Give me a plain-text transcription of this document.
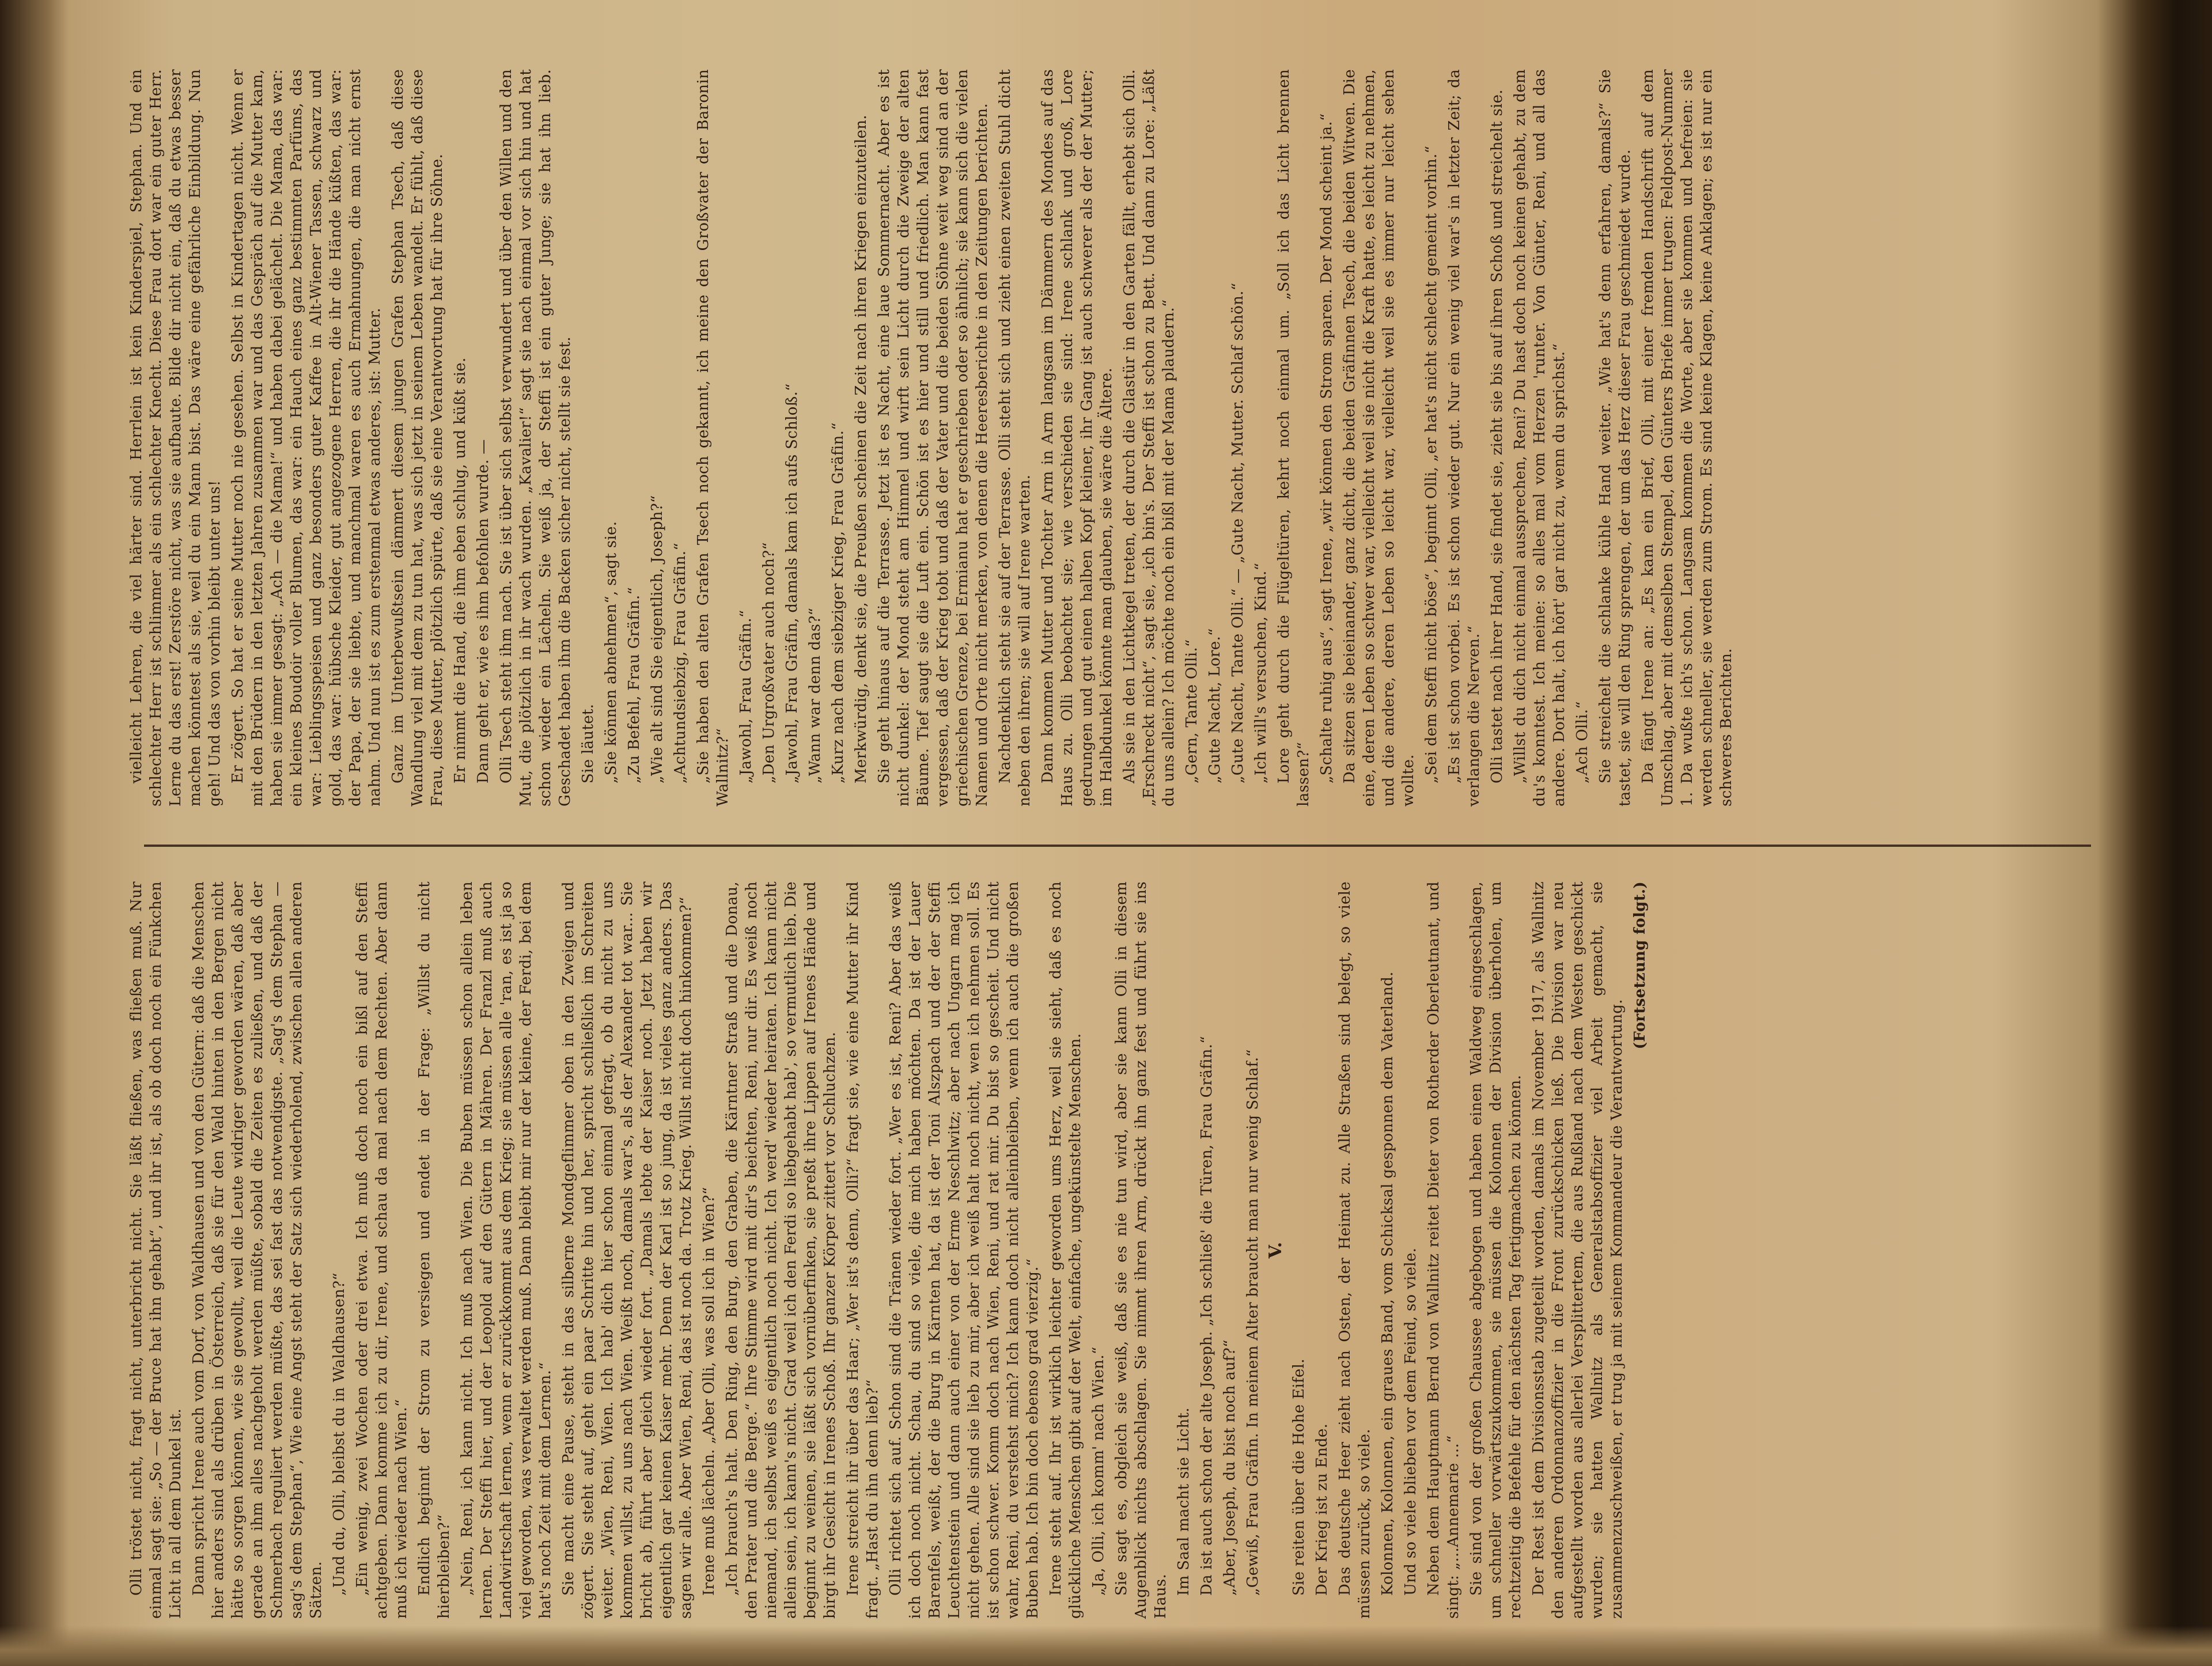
Olli tröstet nicht, fragt nicht, unterbricht nicht. Sie läßt fließen, was fließen muß. Nur einmal sagt sie: „So — der Bruce hat ihn gehabt“, und ihr ist, als ob doch noch ein Fünkchen Licht in all dem Dunkel ist. Dann spricht Irene auch vom Dorf, von Waldhausen und von den Gütern: daß die Menschen hier anders sind als drüben in Österreich, daß sie für den Wald hinten in den Bergen nicht hätte so sorgen können, wie sie gewollt, weil die Leute widriger geworden wären, daß aber gerade an ihm alles nachgeholt werden müßte, sobald die Zeiten es zuließen, und daß der Schmerbach reguliert werden müßte, das sei fast das notwendigste. „Sag's dem Stephan — sag's dem Stephan“, Wie eine Angst steht der Satz sich wiederholend, zwischen allen anderen Sätzen. „Und du, Olli, bleibst du in Waldhausen?“ „Ein wenig, zwei Wochen oder drei etwa. Ich muß doch noch ein bißl auf den Steffi achtgeben. Dann komme ich zu dir, Irene, und schau da mal nach dem Rechten. Aber dann muß ich wieder nach Wien.“ Endlich beginnt der Strom zu versiegen und endet in der Frage: „Willst du nicht hierbleiben?“ „Nein, Reni, ich kann nicht. Ich muß nach Wien. Die Buben müssen schon allein leben lernen. Der Steffi hier, und der Leopold auf den Gütern in Mähren. Der Franzl muß auch Landwirtschaft lernen, wenn er zurückkommt aus dem Krieg; sie müssen alle 'ran, es ist ja so viel geworden, was verwaltet werden muß. Dann bleibt mir nur der kleine, der Ferdi, bei dem hat's noch Zeit mit dem Lernen.“ Sie macht eine Pause, steht in das silberne Mondgeflimmer oben in den Zweigen und zögert. Sie steht auf, geht ein paar Schritte hin und her, spricht schließlich im Schreiten weiter. „Wien, Reni, Wien. Ich hab' dich hier schon einmal gefragt, ob du nicht zu uns kommen willst, zu uns nach Wien. Weißt noch, damals war's, als der Alexander tot war... Sie bricht ab, führt aber gleich wieder fort. „Damals lebte der Kaiser noch. Jetzt haben wir eigentlich gar keinen Kaiser mehr. Denn der Karl ist so jung, da ist vieles ganz anders. Das sagen wir alle. Aber Wien, Reni, das ist noch da. Trotz Krieg. Willst nicht doch hinkommen?“ Irene muß lächeln. „Aber Olli, was soll ich in Wien?“ „Ich brauch's halt. Den Ring, den Burg, den Graben, die Kärntner Straß und die Donau, den Prater und die Berge.“ Ihre Stimme wird mit dir's beichten, Reni, nur dir. Es weiß noch niemand, ich selbst weiß es eigentlich noch nicht. Ich werd' wieder heiraten. Ich kann nicht allein sein, ich kann's nicht. Grad weil ich den Ferdi so liebgehabt hab', so vermutlich lieb. Die beginnt zu weinen, sie läßt sich vornüberfinken, sie preßt ihre Lippen auf Irenes Hände und birgt ihr Gesicht in Irenes Schoß. Ihr ganzer Körper zittert vor Schluchzen. Irene streicht ihr über das Haar; „Wer ist's denn, Olli?“ fragt sie, wie eine Mutter ihr Kind fragt. „Hast du ihn denn lieb?“ Olli richtet sich auf. Schon sind die Tränen wieder fort. „Wer es ist, Reni? Aber das weiß ich doch noch nicht. Schau, du sind so viele, die mich haben möchten. Da ist der Lauer Barenfels, weißt, der die Burg in Kärnten hat, da ist der Toni Alszpach und der der Steffi Leuchtenstein und dann auch einer von der Erme Neschlwitz; aber nach Ungarn mag ich nicht gehen. Alle sind sie lieb zu mir, aber ich weiß halt noch nicht, wen ich nehmen soll. Es ist schon schwer. Komm doch nach Wien, Reni, und rat mir. Du bist so gescheit. Und nicht wahr, Reni, du verstehst mich? Ich kann doch nicht alleinbleiben, wenn ich auch die großen Buben hab. Ich bin doch ebenso grad vierzig.“ Irene steht auf. Ihr ist wirklich leichter geworden ums Herz, weil sie sieht, daß es noch glückliche Menschen gibt auf der Welt, einfache, ungekünstelte Menschen. „Ja, Olli, ich komm' nach Wien.“ Sie sagt es, obgleich sie weiß, daß sie es nie tun wird, aber sie kann Olli in diesem Augenblick nichts abschlagen. Sie nimmt ihren Arm, drückt ihn ganz fest und führt sie ins Haus.

Im Saal macht sie Licht. Da ist auch schon der alte Joseph. „Ich schließ' die Türen, Frau Gräfin.“ „Aber, Joseph, du bist noch auf?“ „Gewiß, Frau Gräfin. In meinem Alter braucht man nur wenig Schlaf.“ V.

Sie reiten über die Hohe Eifel. Der Krieg ist zu Ende. Das deutsche Heer zieht nach Osten, der Heimat zu. Alle Straßen sind belegt, so viele müssen zurück, so viele. Kolonnen, Kolonnen, ein graues Band, vom Schicksal gesponnen dem Vaterland. Und so viele blieben vor dem Feind, so viele. Neben dem Hauptmann Bernd von Wallnitz reitet Dieter von Rotherder Oberleutnant, und singt: „...Annemarie ...“ Sie sind von der großen Chaussee abgebogen und haben einen Waldweg eingeschlagen, um schneller vorwärtszukommen, sie müssen die Kolonnen der Division überholen, um rechtzeitig die Befehle für den nächsten Tag fertigmachen zu können. Der Rest ist dem Divisionsstab zugeteilt worden, damals im November 1917, als Wallnitz den anderen Ordonnanzoffizier in die Front zurückschicken ließ. Die Division war neu aufgestellt worden aus allerlei Versplittertem, die aus Rußland nach dem Westen geschickt wurden; sie hatten Wallnitz als Generalstabsoffizier viel Arbeit gemacht, sie zusammenzuschweißen, er trug ja mit seinem Kommandeur die Verantwortung.

(Fortsetzung folgt.)

vielleicht Lehren, die viel härter sind. Herrlein ist kein Kinderspiel, Stephan. Und ein schlechter Herr ist schlimmer als ein schlechter Knecht. Diese Frau dort war ein guter Herr. Lerne du das erst! Zerstöre nicht, was sie aufbaute. Bilde dir nicht ein, daß du etwas besser machen könntest als sie, weil du ein Mann bist. Das wäre eine gefährliche Einbildung. Nun geh! Und das von vorhin bleibt unter uns! Er zögert. So hat er seine Mutter noch nie gesehen. Selbst in Kindertagen nicht. Wenn er mit den Brüdern in den letzten Jahren zusammen war und das Gespräch auf die Mutter kam, haben sie immer gesagt: „Ach — die Mama!“ und haben dabei gelächelt. Die Mama, das war: ein kleines Boudoir voller Blumen, das war: ein Hauch eines ganz bestimmten Parfüms, das war: Lieblingsspeisen und ganz besonders guter Kaffee in Alt-Wiener Tassen, schwarz und gold, das war: hübsche Kleider, gut angezogene Herren, die ihr die Hände küßten, das war: der Papa, der sie liebte, und manchmal waren es auch Ermahnungen, die man nicht ernst nahm. Und nun ist es zum erstenmal etwas anderes, ist: Mutter. Ganz im Unterbewußtsein dämmert diesem jungen Grafen Stephan Tsech, daß diese Wandlung viel mit dem zu tun hat, was sich jetzt in seinem Leben wandelt. Er fühlt, daß diese Frau, diese Mutter, plötzlich spürte, daß sie eine Verantwortung hat für ihre Söhne. Er nimmt die Hand, die ihm eben schlug, und küßt sie. Dann geht er, wie es ihm befohlen wurde. — Olli Tsech steht ihm nach. Sie ist über sich selbst verwundert und über den Willen und den Mut, die plötzlich in ihr wach wurden. „Kavalier!“ sagt sie nach einmal vor sich hin und hat schon wieder ein Lächeln. Sie weiß ja, der Steffi ist ein guter Junge; sie hat ihn lieb. Geschadet haben ihm die Backen sicher nicht, stellt sie fest. Sie läutet. „Sie können abnehmen“, sagt sie. „Zu Befehl, Frau Gräfin.“ „Wie alt sind Sie eigentlich, Joseph?“ „Achtundsiebzig, Frau Gräfin.“ „Sie haben den alten Grafen Tsech noch gekannt, ich meine den Großvater der Baronin Wallnitz?“ „Jawohl, Frau Gräfin.“ „Den Urgroßvater auch noch?“ „Jawohl, Frau Gräfin, damals kam ich aufs Schloß.“ „Wann war denn das?“ „Kurz nach dem siebziger Krieg, Frau Gräfin.“ Merkwürdig, denkt sie, die Preußen scheinen die Zeit nach ihren Kriegen einzuteilen. Sie geht hinaus auf die Terrasse. Jetzt ist es Nacht, eine laue Sommernacht. Aber es ist nicht dunkel: der Mond steht am Himmel und wirft sein Licht durch die Zweige der alten Bäume. Tief saugt sie die Luft ein. Schön ist es hier und still und friedlich. Man kann fast vergessen, daß der Krieg tobt und daß der Vater und die beiden Söhne weit weg sind an der griechischen Grenze, bei Ermianu hat er geschrieben oder so ähnlich; sie kann sich die vielen Namen und Orte nicht merken, von denen die Heeresberichte in den Zeitungen berichten. Nachdenklich steht sie auf der Terrasse. Olli steht sich und zieht einen zweiten Stuhl dicht neben den ihren; sie will auf Irene warten. Dann kommen Mutter und Tochter Arm in Arm langsam im Dämmern des Mondes auf das Haus zu. Olli beobachtet sie; wie verschieden sie sind: Irene schlank und groß, Lore gedrungen und gut einen halben Kopf kleiner, ihr Gang ist auch schwerer als der der Mutter; im Halbdunkel könnte man glauben, sie wäre die Ältere. Als sie in den Lichtkegel treten, der durch die Glastür in den Garten fällt, erhebt sich Olli. „Erschreckt nicht“, sagt sie, „ich bin's. Der Steffi ist schon zu Bett. Und dann zu Lore: „Läßt du uns allein? Ich möchte noch ein bißl mit der Mama plaudern.“ „Gern, Tante Olli.“ „Gute Nacht, Lore.“ „Gute Nacht, Tante Olli.“ — „Gute Nacht, Mutter. Schlaf schön.“ „Ich will's versuchen, Kind.“ Lore geht durch die Flügeltüren, kehrt noch einmal um. „Soll ich das Licht brennen lassen?“ „Schalte ruhig aus“, sagt Irene, „wir können den Strom sparen. Der Mond scheint ja.“ Da sitzen sie beieinander, ganz dicht, die beiden Gräfinnen Tsech, die beiden Witwen. Die eine, deren Leben so schwer war, vielleicht weil sie nicht die Kraft hatte, es leicht zu nehmen, und die andere, deren Leben so leicht war, vielleicht weil sie es immer nur leicht sehen wollte. „Sei dem Steffi nicht böse“, beginnt Olli, „er hat's nicht schlecht gemeint vorhin.“ „Es ist schon vorbei. Es ist schon wieder gut. Nur ein wenig viel war's in letzter Zeit; da verlangen die Nerven.“ Olli tastet nach ihrer Hand, sie findet sie, zieht sie bis auf ihren Schoß und streichelt sie. „Willst du dich nicht einmal aussprechen, Reni? Du hast doch noch keinen gehabt, zu dem du's konntest. Ich meine: so alles mal vom Herzen 'runter. Von Günter, Reni, und all das andere. Dort halt, ich hört' gar nicht zu, wenn du sprichst.“ „Ach Olli.“ Sie streichelt die schlanke kühle Hand weiter. „Wie hat's denn erfahren, damals?“ Sie tastet, sie will den Ring sprengen, der um das Herz dieser Frau geschmiedet wurde. Da fängt Irene an: „Es kam ein Brief, Olli, mit einer fremden Handschrift auf dem Umschlag, aber mit demselben Stempel, den Günters Briefe immer trugen: Feldpost-Nummer 1. Da wußte ich's schon. Langsam kommen die Worte, aber sie kommen und befreien: sie werden schneller, sie werden zum Strom. Es sind keine Klagen, keine Anklagen; es ist nur ein schweres Berichten.
